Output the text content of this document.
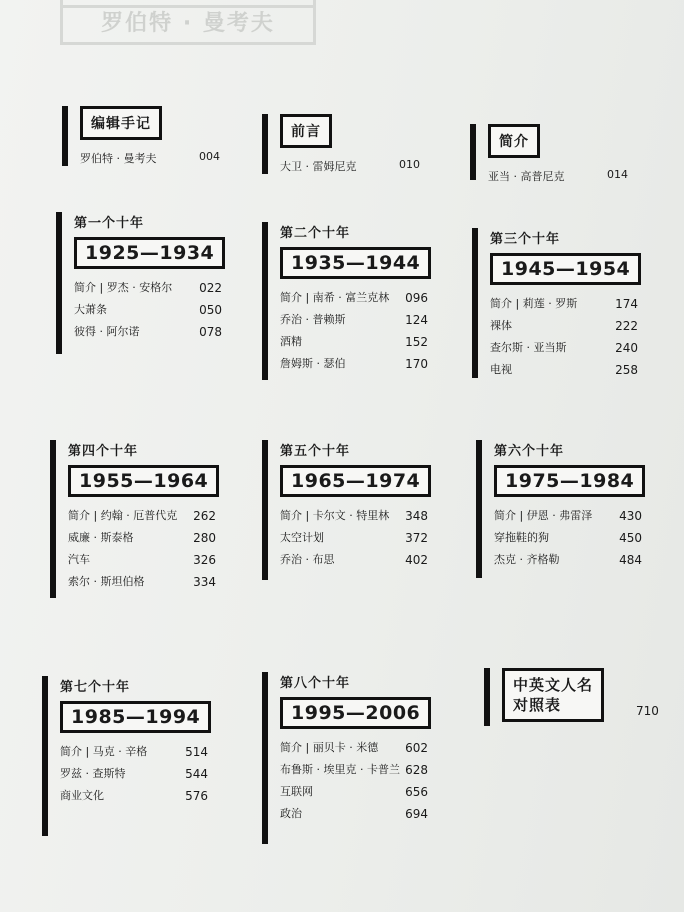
罗伯特 · 曼考夫
编辑手记
罗伯特 · 曼考夫	004
前言
大卫 · 雷姆尼克	010
简介
亚当 · 高普尼克	014
第一个十年
1925—1934
简介 | 罗杰 · 安格尔 022
大萧条	050
彼得 · 阿尔诺	078
第二个十年
1935—1944
简介 | 南希 · 富兰克林 096
乔治 · 普赖斯	124
酒精	152
詹姆斯 · 瑟伯	170
第三个十年
1945—1954
简介 | 莉莲 · 罗斯	174
裸体	222
查尔斯 · 亚当斯	240
电视	258
第四个十年
1955—1964
简介 | 约翰 · 厄普代克 262
威廉 · 斯泰格	280
汽车	326
索尔 · 斯坦伯格	334
第五个十年
1965—1974
简介 | 卡尔文 · 特里林 348
太空计划	372
乔治 · 布思	402
第六个十年
1975—1984
简介 | 伊恩 · 弗雷泽 430
穿拖鞋的狗	450
杰克 · 齐格勒	484
第七个十年
1985—1994
简介 | 马克 · 辛格	514
罗兹 · 查斯特	544
商业文化	576
第八个十年
1995—2006
简介 | 丽贝卡 · 米德 602
布鲁斯 · 埃里克 · 卡普兰 628
互联网	656
政治	694
中英文人名
对照表	710
